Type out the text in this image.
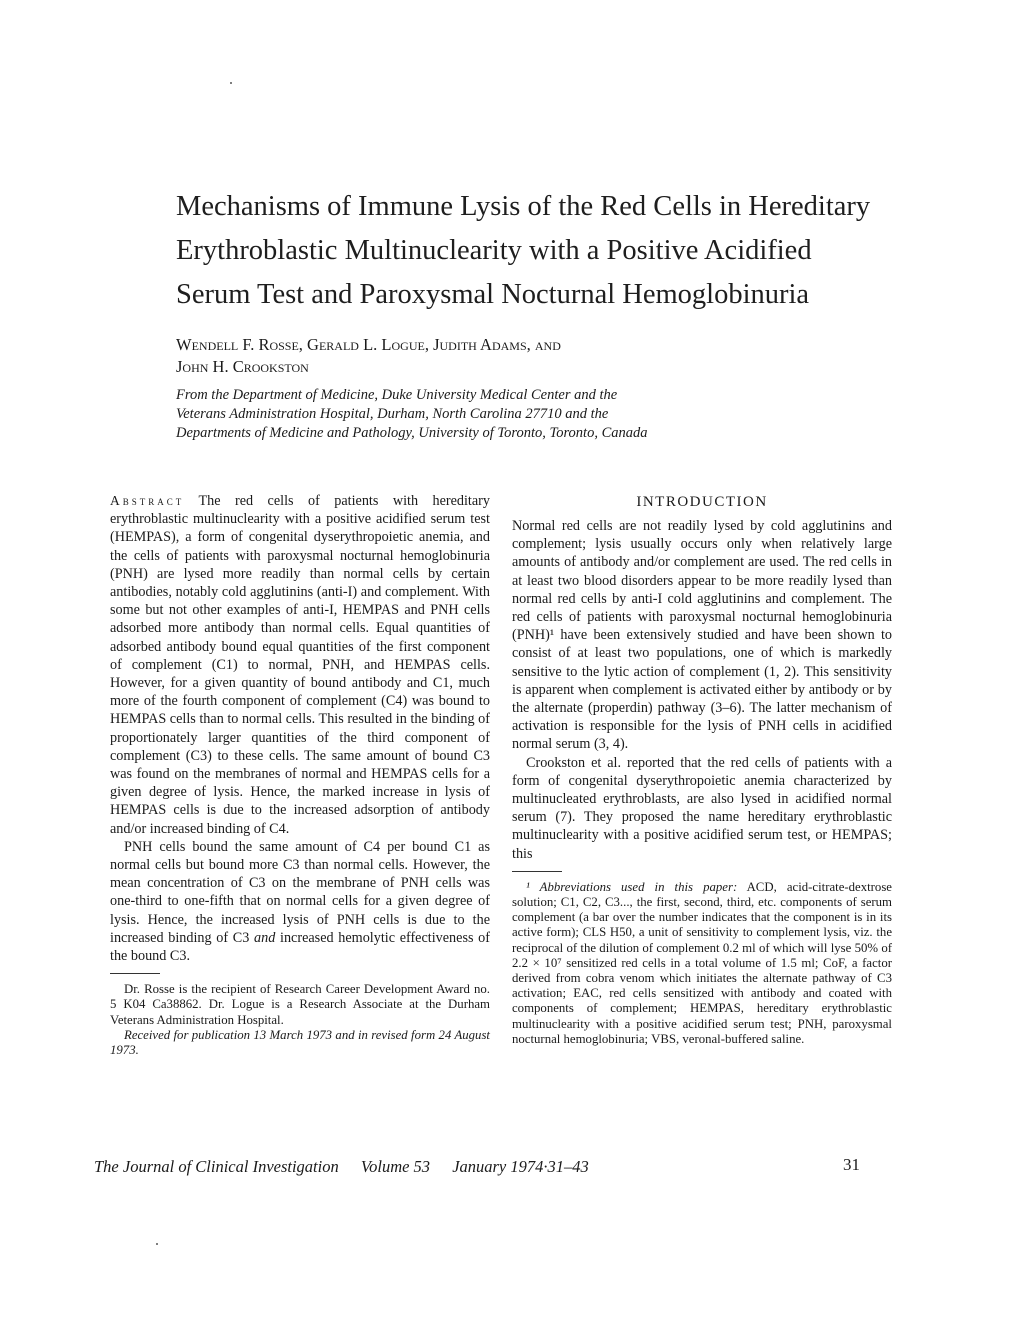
Mechanisms of Immune Lysis of the Red Cells in Hereditary
Erythroblastic Multinuclearity with a Positive Acidified
Serum Test and Paroxysmal Nocturnal Hemoglobinuria
Wendell F. Rosse, Gerald L. Logue, Judith Adams, and
John H. Crookston
From the Department of Medicine, Duke University Medical Center and the
Veterans Administration Hospital, Durham, North Carolina 27710 and the
Departments of Medicine and Pathology, University of Toronto, Toronto, Canada

Abstract The red cells of patients with hereditary erythroblastic multinuclearity with a positive acidified serum test (HEMPAS), a form of congenital dyserythropoietic anemia, and the cells of patients with paroxysmal nocturnal hemoglobinuria (PNH) are lysed more readily than normal cells by certain antibodies, notably cold agglutinins (anti-I) and complement. With some but not other examples of anti-I, HEMPAS and PNH cells adsorbed more antibody than normal cells. Equal quantities of adsorbed antibody bound equal quantities of the first component of complement (C1) to normal, PNH, and HEMPAS cells. However, for a given quantity of bound antibody and C1, much more of the fourth component of complement (C4) was bound to HEMPAS cells than to normal cells. This resulted in the binding of proportionately larger quantities of the third component of complement (C3) to these cells. The same amount of bound C3 was found on the membranes of normal and HEMPAS cells for a given degree of lysis. Hence, the marked increase in lysis of HEMPAS cells is due to the increased adsorption of antibody and/or increased binding of C4.

PNH cells bound the same amount of C4 per bound C1 as normal cells but bound more C3 than normal cells. However, the mean concentration of C3 on the membrane of PNH cells was one-third to one-fifth that on normal cells for a given degree of lysis. Hence, the increased lysis of PNH cells is due to the increased binding of C3 and increased hemolytic effectiveness of the bound C3.

Dr. Rosse is the recipient of Research Career Development Award no. 5 K04 Ca38862. Dr. Logue is a Research Associate at the Durham Veterans Administration Hospital.

Received for publication 13 March 1973 and in revised form 24 August 1973.

INTRODUCTION

Normal red cells are not readily lysed by cold agglutinins and complement; lysis usually occurs only when relatively large amounts of antibody and/or complement are used. The red cells in at least two blood disorders appear to be more readily lysed than normal red cells by anti-I cold agglutinins and complement. The red cells of patients with paroxysmal nocturnal hemoglobinuria (PNH)¹ have been extensively studied and have been shown to consist of at least two populations, one of which is markedly sensitive to the lytic action of complement (1, 2). This sensitivity is apparent when complement is activated either by antibody or by the alternate (properdin) pathway (3–6). The latter mechanism of activation is responsible for the lysis of PNH cells in acidified normal serum (3, 4).

Crookston et al. reported that the red cells of patients with a form of congenital dyserythropoietic anemia characterized by multinucleated erythroblasts, are also lysed in acidified normal serum (7). They proposed the name hereditary erythroblastic multinuclearity with a positive acidified serum test, or HEMPAS; this

¹ Abbreviations used in this paper: ACD, acid-citrate-dextrose solution; C1, C2, C3..., the first, second, third, etc. components of serum complement (a bar over the number indicates that the component is in its active form); CLS H50, a unit of sensitivity to complement lysis, viz. the reciprocal of the dilution of complement 0.2 ml of which will lyse 50% of 2.2 × 10⁷ sensitized red cells in a total volume of 1.5 ml; CoF, a factor derived from cobra venom which initiates the alternate pathway of C3 activation; EAC, red cells sensitized with antibody and coated with components of complement; HEMPAS, hereditary erythroblastic multinuclearity with a positive acidified serum test; PNH, paroxysmal nocturnal hemoglobinuria; VBS, veronal-buffered saline.

The Journal of Clinical Investigation Volume 53 January 1974·31–43	31
